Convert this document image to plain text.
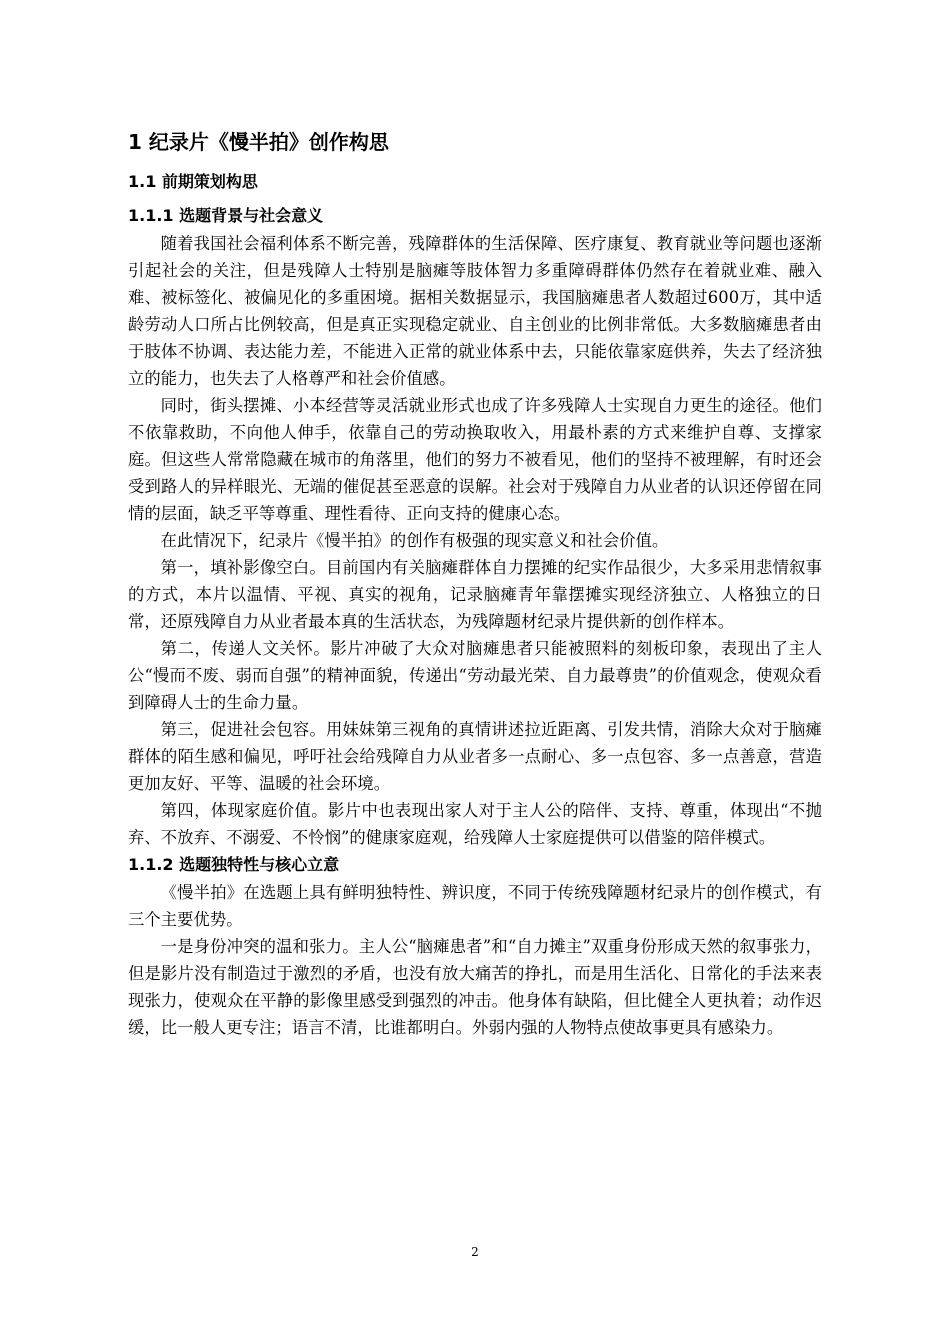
1 纪录片《慢半拍》创作构思
1.1 前期策划构思
1.1.1 选题背景与社会意义

随着我国社会福利体系不断完善，残障群体的生活保障、医疗康复、教育就业等问题也逐渐引起社会的关注，但是残障人士特别是脑瘫等肢体智力多重障碍群体仍然存在着就业难、融入难、被标签化、被偏见化的多重困境。据相关数据显示，我国脑瘫患者人数超过600万，其中适龄劳动人口所占比例较高，但是真正实现稳定就业、自主创业的比例非常低。大多数脑瘫患者由于肢体不协调、表达能力差，不能进入正常的就业体系中去，只能依靠家庭供养，失去了经济独立的能力，也失去了人格尊严和社会价值感。

同时，街头摆摊、小本经营等灵活就业形式也成了许多残障人士实现自力更生的途径。他们不依靠救助，不向他人伸手，依靠自己的劳动换取收入，用最朴素的方式来维护自尊、支撑家庭。但这些人常常隐藏在城市的角落里，他们的努力不被看见，他们的坚持不被理解，有时还会受到路人的异样眼光、无端的催促甚至恶意的误解。社会对于残障自力从业者的认识还停留在同情的层面，缺乏平等尊重、理性看待、正向支持的健康心态。

在此情况下，纪录片《慢半拍》的创作有极强的现实意义和社会价值。

第一，填补影像空白。目前国内有关脑瘫群体自力摆摊的纪实作品很少，大多采用悲情叙事的方式，本片以温情、平视、真实的视角，记录脑瘫青年靠摆摊实现经济独立、人格独立的日常，还原残障自力从业者最本真的生活状态，为残障题材纪录片提供新的创作样本。

第二，传递人文关怀。影片冲破了大众对脑瘫患者只能被照料的刻板印象，表现出了主人公“慢而不废、弱而自强”的精神面貌，传递出“劳动最光荣、自力最尊贵”的价值观念，使观众看到障碍人士的生命力量。

第三，促进社会包容。用妹妹第三视角的真情讲述拉近距离、引发共情，消除大众对于脑瘫群体的陌生感和偏见，呼吁社会给残障自力从业者多一点耐心、多一点包容、多一点善意，营造更加友好、平等、温暖的社会环境。

第四，体现家庭价值。影片中也表现出家人对于主人公的陪伴、支持、尊重，体现出“不抛弃、不放弃、不溺爱、不怜悯”的健康家庭观，给残障人士家庭提供可以借鉴的陪伴模式。

1.1.2 选题独特性与核心立意

《慢半拍》在选题上具有鲜明独特性、辨识度，不同于传统残障题材纪录片的创作模式，有三个主要优势。

一是身份冲突的温和张力。主人公“脑瘫患者”和“自力摊主”双重身份形成天然的叙事张力，但是影片没有制造过于激烈的矛盾，也没有放大痛苦的挣扎，而是用生活化、日常化的手法来表现张力，使观众在平静的影像里感受到强烈的冲击。他身体有缺陷，但比健全人更执着；动作迟缓，比一般人更专注；语言不清，比谁都明白。外弱内强的人物特点使故事更具有感染力。

2
